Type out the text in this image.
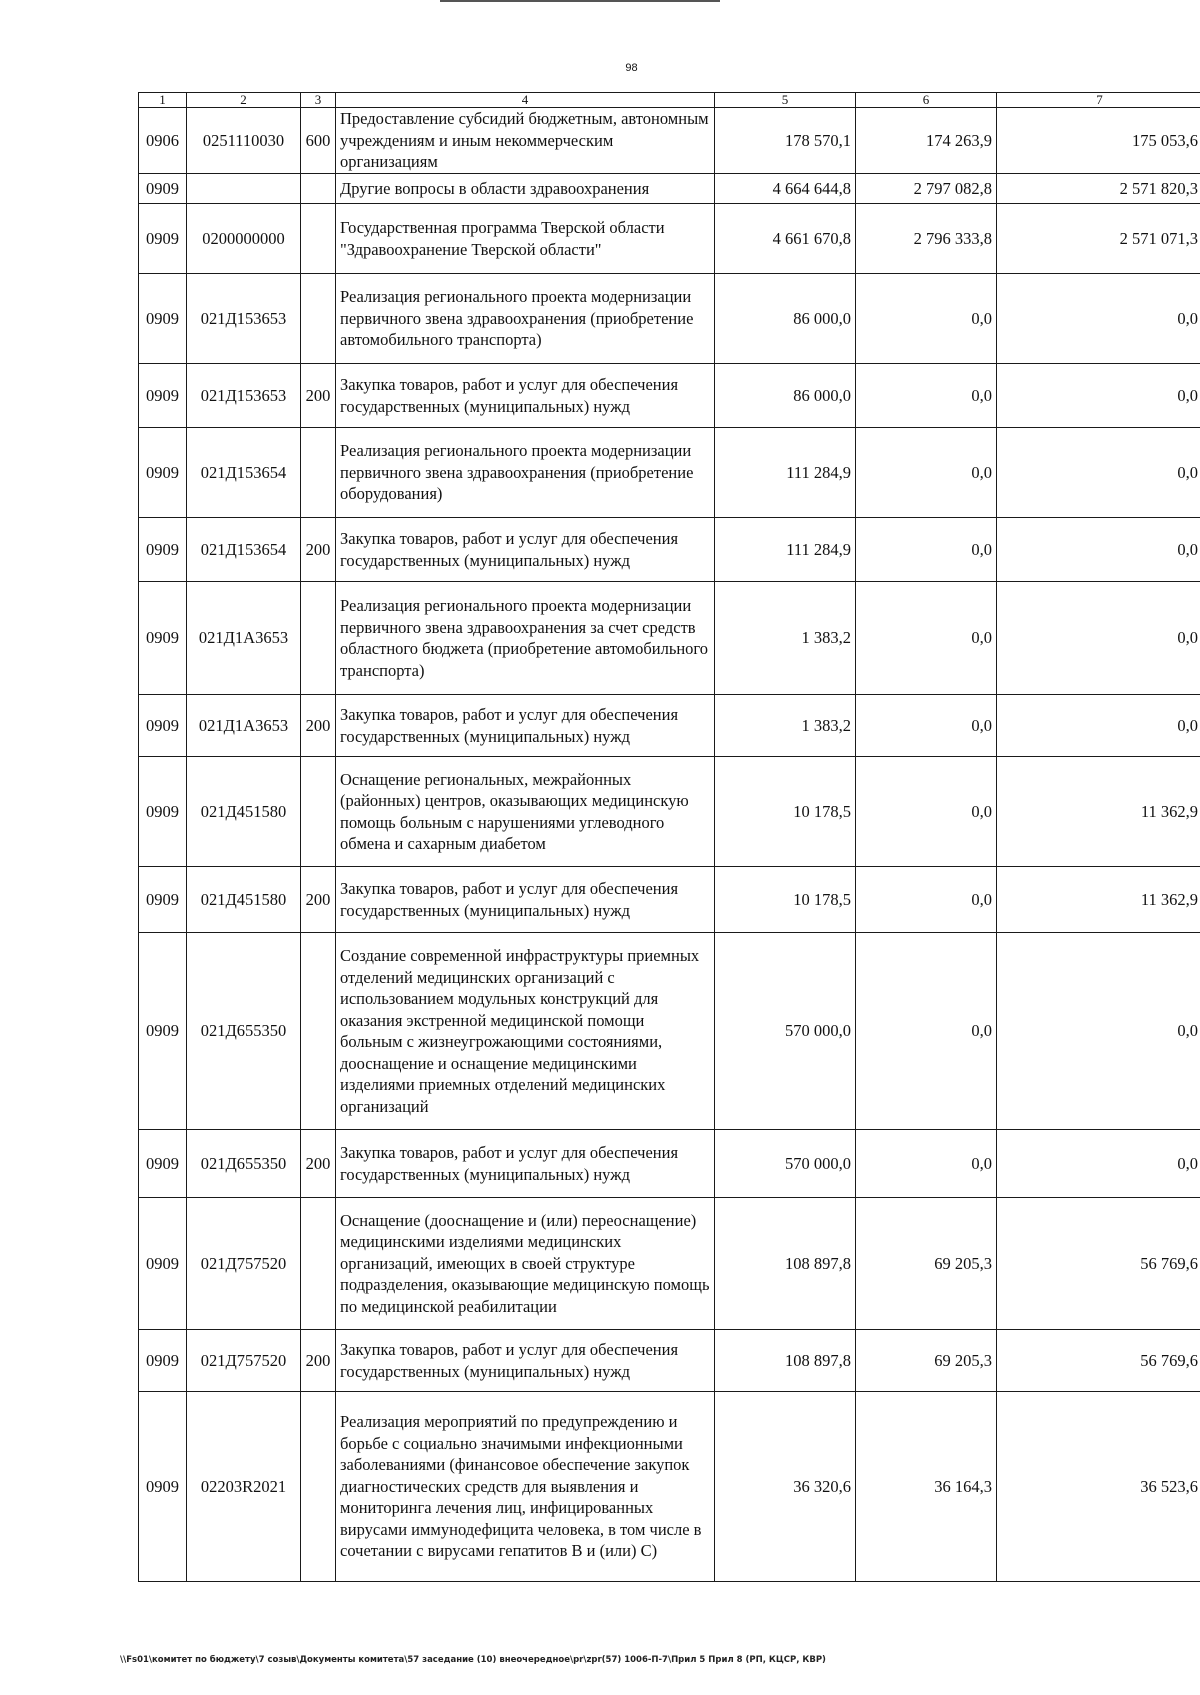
98
1	2	3	4	5	6	7
0906	0251110030	600	Предоставление субсидий бюджетным, автономным учреждениям и иным некоммерческим организациям	178 570,1	174 263,9	175 053,6
0909			Другие вопросы в области здравоохранения	4 664 644,8	2 797 082,8	2 571 820,3
0909	0200000000		Государственная программа Тверской области "Здравоохранение Тверской области"	4 661 670,8	2 796 333,8	2 571 071,3
0909	021Д153653		Реализация регионального проекта модернизации первичного звена здравоохранения (приобретение автомобильного транспорта)	86 000,0	0,0	0,0
0909	021Д153653	200	Закупка товаров, работ и услуг для обеспечения государственных (муниципальных) нужд	86 000,0	0,0	0,0
0909	021Д153654		Реализация регионального проекта модернизации первичного звена здравоохранения (приобретение оборудования)	111 284,9	0,0	0,0
0909	021Д153654	200	Закупка товаров, работ и услуг для обеспечения государственных (муниципальных) нужд	111 284,9	0,0	0,0
0909	021Д1А3653		Реализация регионального проекта модернизации первичного звена здравоохранения за счет средств областного бюджета (приобретение автомобильного транспорта)	1 383,2	0,0	0,0
0909	021Д1А3653	200	Закупка товаров, работ и услуг для обеспечения государственных (муниципальных) нужд	1 383,2	0,0	0,0
0909	021Д451580		Оснащение региональных, межрайонных (районных) центров, оказывающих медицинскую помощь больным с нарушениями углеводного обмена и сахарным диабетом	10 178,5	0,0	11 362,9
0909	021Д451580	200	Закупка товаров, работ и услуг для обеспечения государственных (муниципальных) нужд	10 178,5	0,0	11 362,9
0909	021Д655350		Создание современной инфраструктуры приемных отделений медицинских организаций с использованием модульных конструкций для оказания экстренной медицинской помощи больным с жизнеугрожающими состояниями, дооснащение и оснащение медицинскими изделиями приемных отделений медицинских организаций	570 000,0	0,0	0,0
0909	021Д655350	200	Закупка товаров, работ и услуг для обеспечения государственных (муниципальных) нужд	570 000,0	0,0	0,0
0909	021Д757520		Оснащение (дооснащение и (или) переоснащение) медицинскими изделиями медицинских организаций, имеющих в своей структуре подразделения, оказывающие медицинскую помощь по медицинской реабилитации	108 897,8	69 205,3	56 769,6
0909	021Д757520	200	Закупка товаров, работ и услуг для обеспечения государственных (муниципальных) нужд	108 897,8	69 205,3	56 769,6
0909	02203R2021		Реализация мероприятий по предупреждению и борьбе с социально значимыми инфекционными заболеваниями (финансовое обеспечение закупок диагностических средств для выявления и мониторинга лечения лиц, инфицированных вирусами иммунодефицита человека, в том числе в сочетании с вирусами гепатитов В и (или) С)	36 320,6	36 164,3	36 523,6
\\Fs01\комитет по бюджету\7 созыв\Документы комитета\57 заседание (10) внеочередное\pr\zpr(57) 1006-П-7\Прил 5 Прил 8 (РП, КЦСР, КВР)
